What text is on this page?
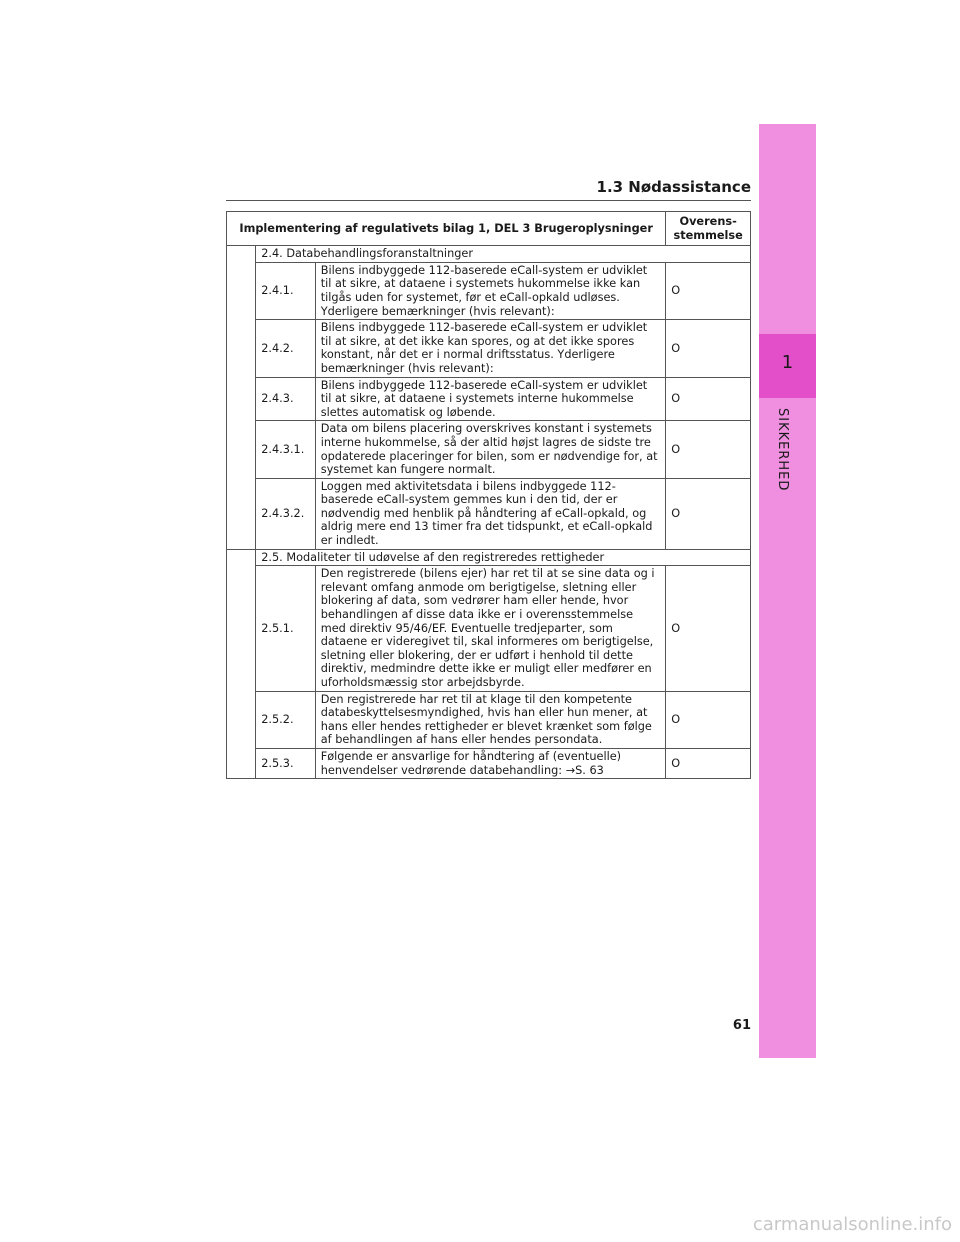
1
SIKKERHED
1.3 Nødassistance
Implementering af regulativets bilag 1, DEL 3 Brugeroplysninger			Overens-stemmelse
	2.4. Databehandlingsforanstaltninger		
	2.4.1.	Bilens indbyggede 112-baserede eCall-system er udviklet til at sikre, at dataene i systemets hukommelse ikke kan tilgås uden for systemet, før et eCall-opkald udløses. Yderligere bemærkninger (hvis relevant):	O
	2.4.2.	Bilens indbyggede 112-baserede eCall-system er udviklet til at sikre, at det ikke kan spores, og at det ikke spores konstant, når det er i normal driftsstatus. Yderligere bemærkninger (hvis relevant):	O
	2.4.3.	Bilens indbyggede 112-baserede eCall-system er udviklet til at sikre, at dataene i systemets interne hukommelse slettes automatisk og løbende.	O
	2.4.3.1.	Data om bilens placering overskrives konstant i systemets interne hukommelse, så der altid højst lagres de sidste tre opdaterede placeringer for bilen, som er nødvendige for, at systemet kan fungere normalt.	O
	2.4.3.2.	Loggen med aktivitetsdata i bilens indbyggede 112-baserede eCall-system gemmes kun i den tid, der er nødvendig med henblik på håndtering af eCall-opkald, og aldrig mere end 13 timer fra det tidspunkt, et eCall-opkald er indledt.	O
	2.5. Modaliteter til udøvelse af den registreredes rettigheder		
	2.5.1.	Den registrerede (bilens ejer) har ret til at se sine data og i relevant omfang anmode om berigtigelse, sletning eller blokering af data, som vedrører ham eller hende, hvor behandlingen af disse data ikke er i overensstemmelse med direktiv 95/46/EF. Eventuelle tredjeparter, som dataene er videregivet til, skal informeres om berigtigelse, sletning eller blokering, der er udført i henhold til dette direktiv, medmindre dette ikke er muligt eller medfører en uforholdsmæssig stor arbejdsbyrde.	O
	2.5.2.	Den registrerede har ret til at klage til den kompetente databeskyttelsesmyndighed, hvis han eller hun mener, at hans eller hendes rettigheder er blevet krænket som følge af behandlingen af hans eller hendes persondata.	O
	2.5.3.	Følgende er ansvarlige for håndtering af (eventuelle) henvendelser vedrørende databehandling: →S. 63	O
61
carmanualsonline.info
